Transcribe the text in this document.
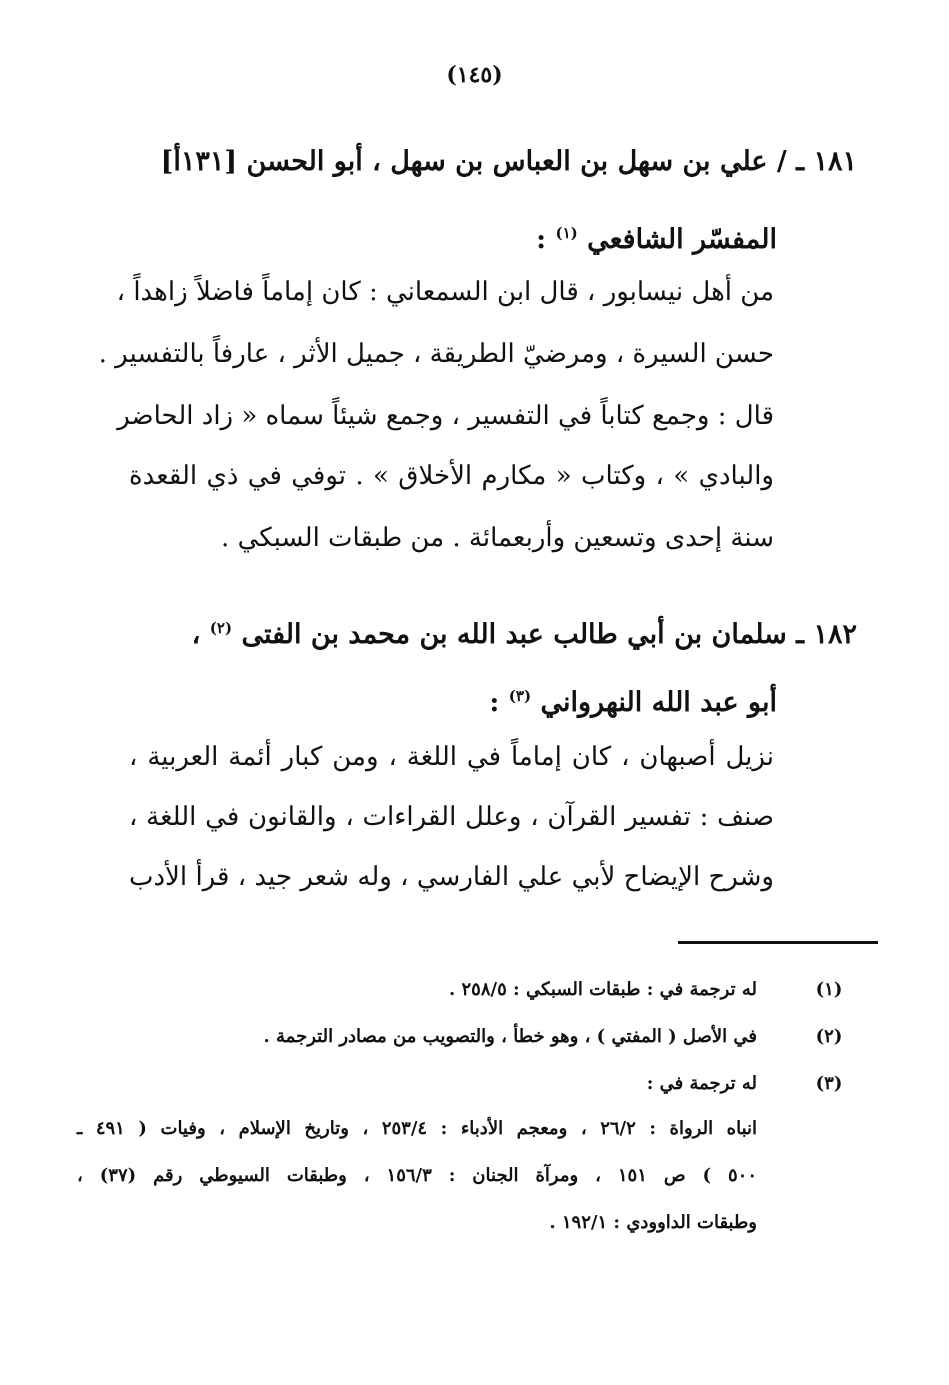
(١٤٥)
١٨١ ـ / علي بن سهل بن العباس بن سهل ، أبو الحسن [١٣١أ]
المفسّر الشافعي $^{(١)}$ :
من أهل نيسابور ، قال ابن السمعاني : كان إماماً فاضلاً زاهداً ،
حسن السيرة ، ومرضيّ الطريقة ، جميل الأثر ، عارفاً بالتفسير .
قال : وجمع كتاباً في التفسير ، وجمع شيئاً سماه « زاد الحاضر
والبادي » ، وكتاب « مكارم الأخلاق » . توفي في ذي القعدة
سنة إحدى وتسعين وأربعمائة . من طبقات السبكي .
١٨٢ ـ سلمان بن أبي طالب عبد الله بن محمد بن الفتى $^{(٢)}$ ،
أبو عبد الله النهرواني $^{(٣)}$ :
نزيل أصبهان ، كان إماماً في اللغة ، ومن كبار أئمة العربية ،
صنف : تفسير القرآن ، وعلل القراءات ، والقانون في اللغة ،
وشرح الإيضاح لأبي علي الفارسي ، وله شعر جيد ، قرأ الأدب
(١)
له ترجمة في : طبقات السبكي : ٢٥٨/٥ .
(٢)
في الأصل ( المفتي ) ، وهو خطأ ، والتصويب من مصادر الترجمة .
(٣)
له ترجمة في :
انباه الرواة : ٢٦/٢ ، ومعجم الأدباء : ٢٥٣/٤ ، وتاريخ الإسلام ، وفيات ( ٤٩١ ـ
٥٠٠ ) ص ١٥١ ، ومرآة الجنان : ١٥٦/٣ ، وطبقات السيوطي رقم (٣٧) ،
وطبقات الداوودي : ١٩٢/١ .
